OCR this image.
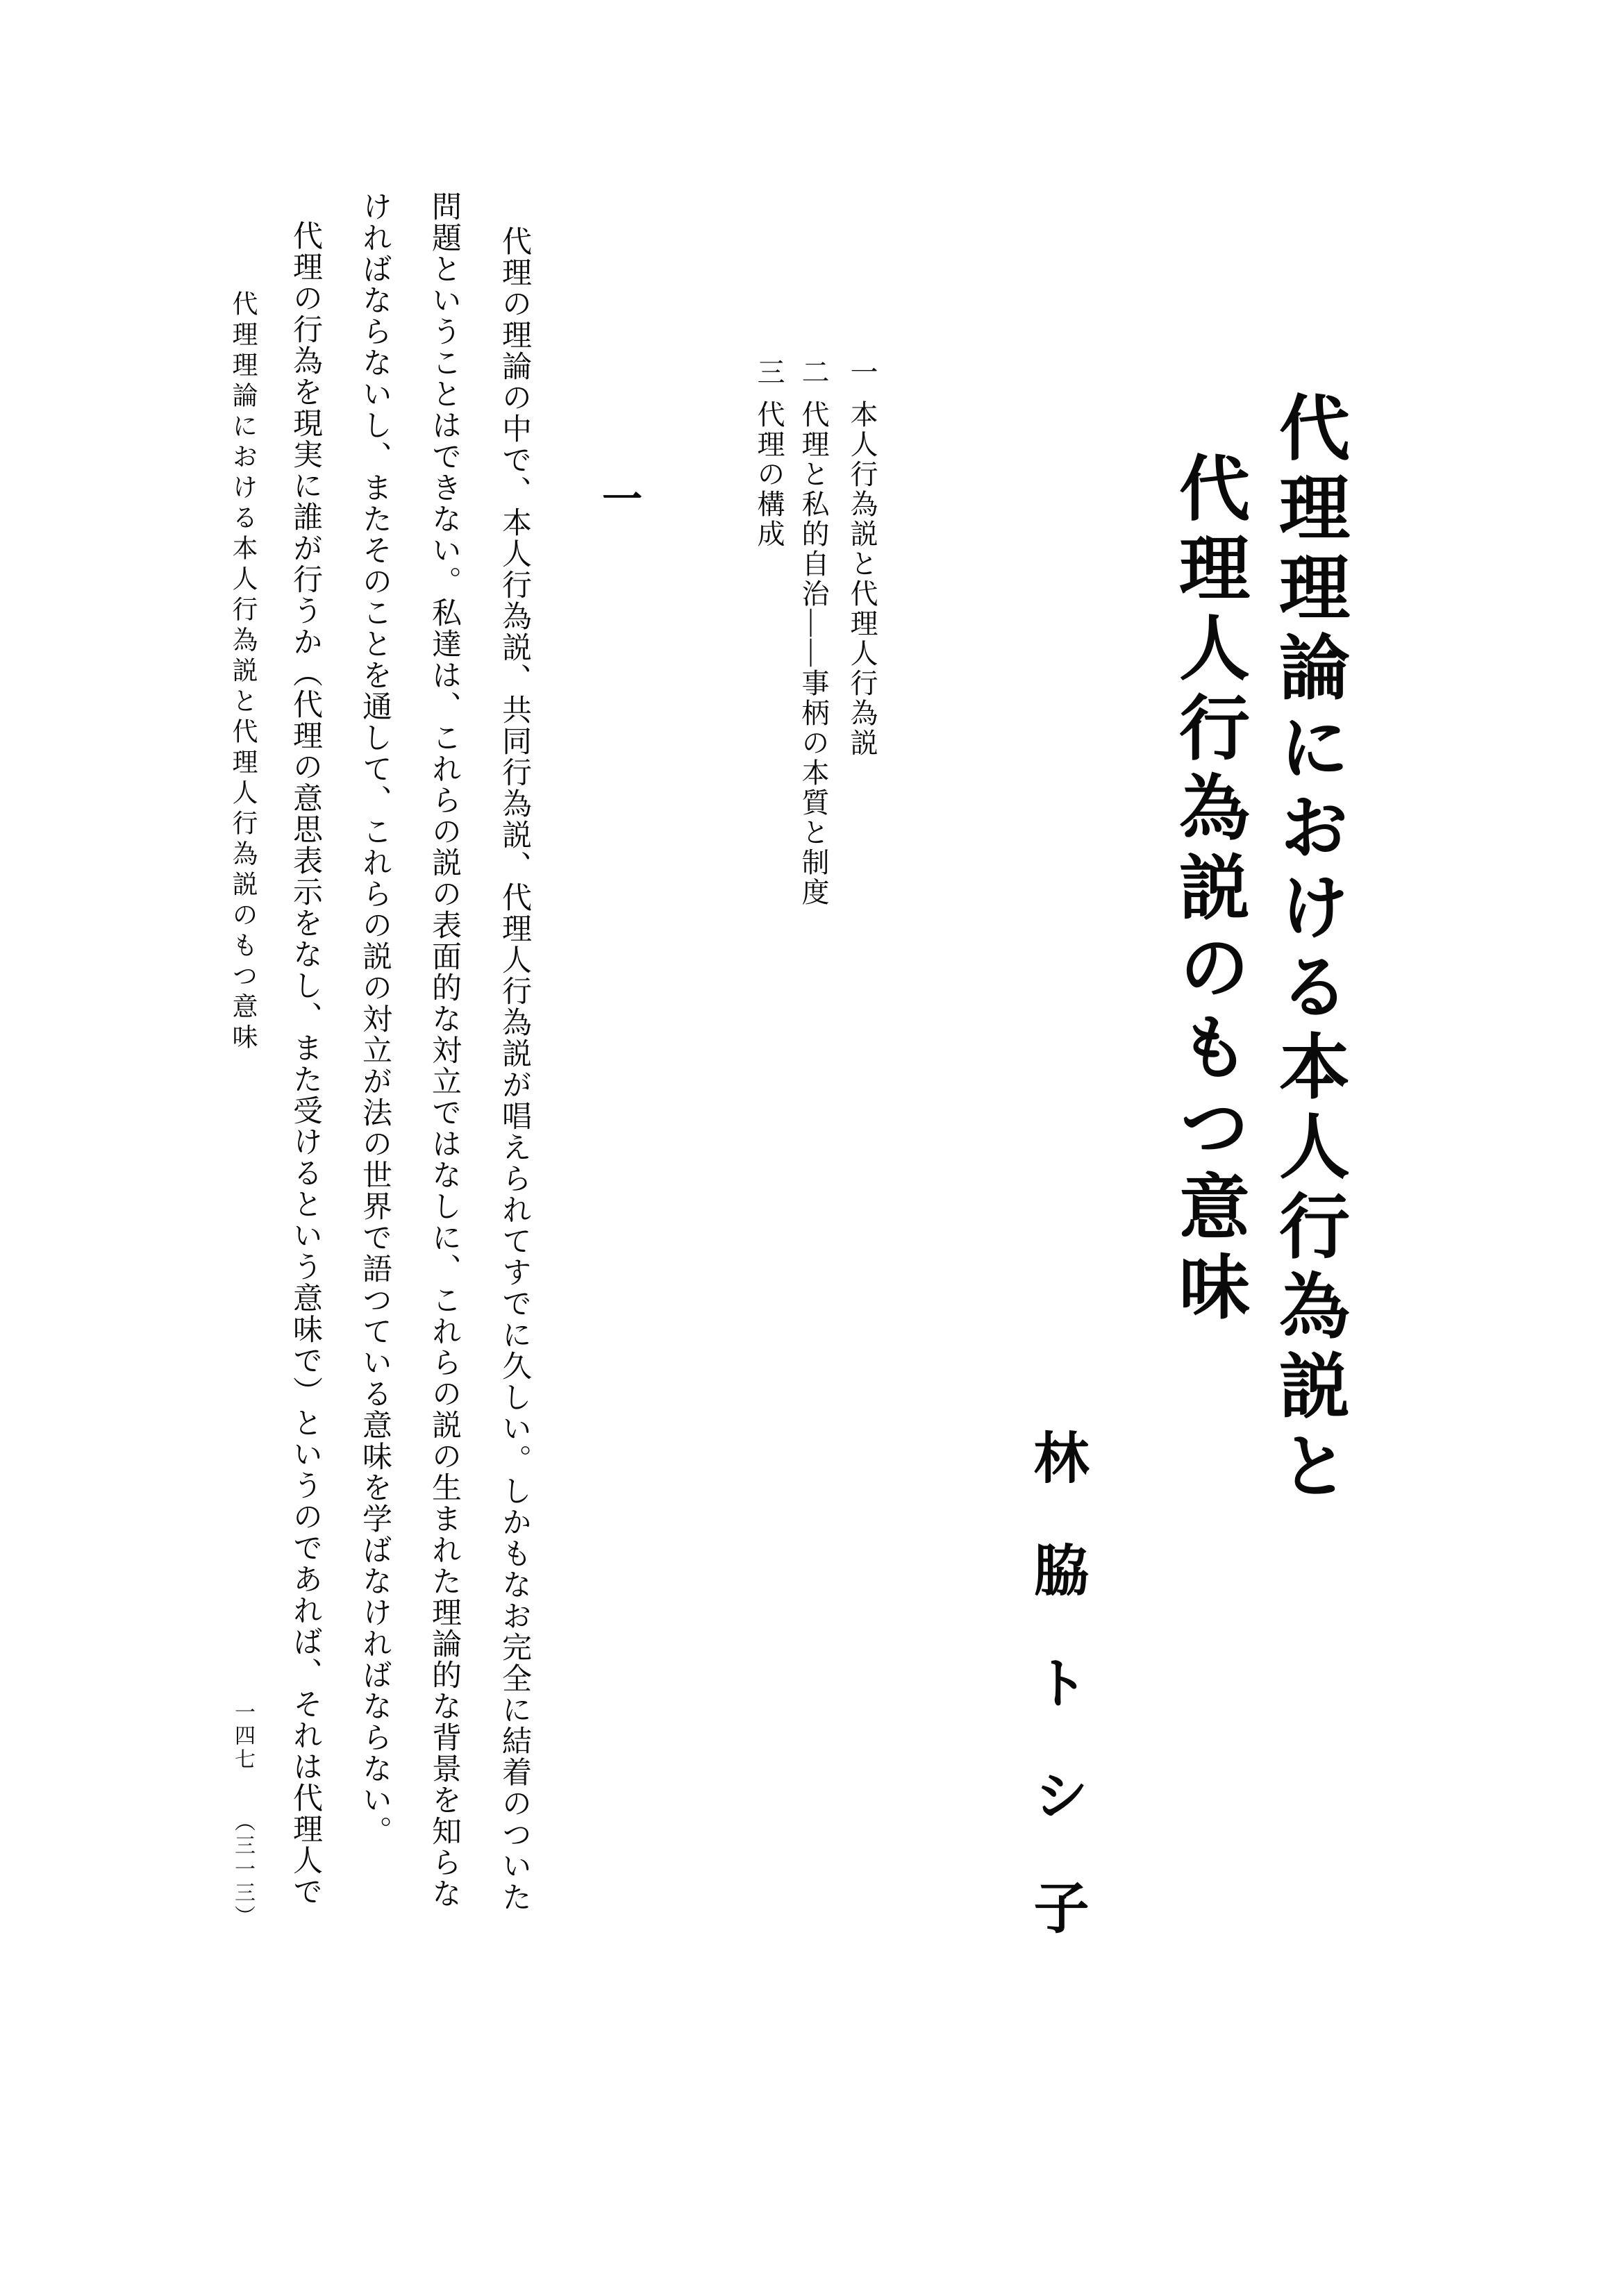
代理理論における本人行為説と
代理人行為説のもつ意味
林脇トシ子
一本人行為説と代理人行為説
二代理と私的自治――事柄の本質と制度
三代理の構成
一
代理の理論の中で、本人行為説、共同行為説、代理人行為説が唱えられてすでに久しい。しかもなお完全に結着のついた
問題ということはできない。私達は、これらの説の表面的な対立ではなしに、これらの説の生まれた理論的な背景を知らな
ければならないし、またそのことを通して、これらの説の対立が法の世界で語つている意味を学ばなければならない。
代理の行為を現実に誰が行うか（代理の意思表示をなし、また受けるという意味で）というのであれば、それは代理人で
代理理論における本人行為説と代理人行為説のもつ意味
一四七（三一三）
